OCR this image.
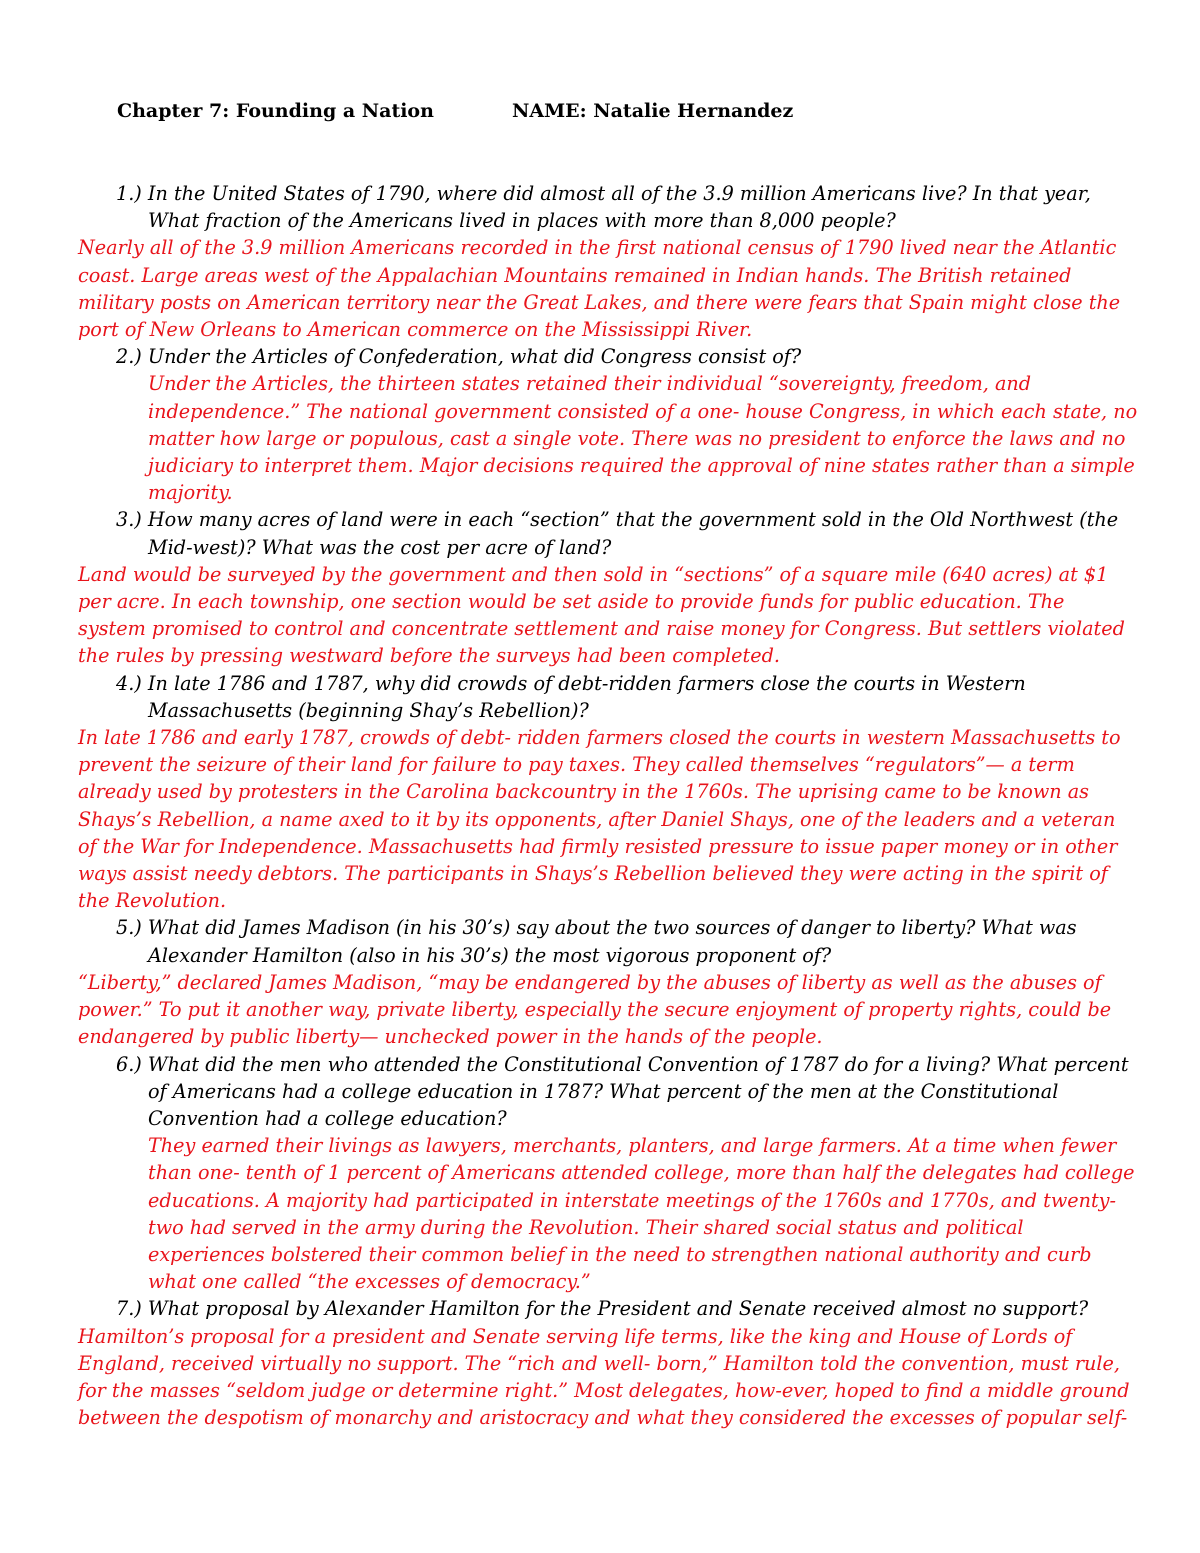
Chapter 7: Founding a Nation	NAME: Natalie Hernandez

1.) In the United States of 1790, where did almost all of the 3.9 million Americans live? In that year, What fraction of the Americans lived in places with more than 8,000 people?

Nearly all of the 3.9 million Americans recorded in the first national census of 1790 lived near the Atlantic coast. Large areas west of the Appalachian Mountains remained in Indian hands. The British retained military posts on American territory near the Great Lakes, and there were fears that Spain might close the port of New Orleans to American commerce on the Mississippi River.

2.) Under the Articles of Confederation, what did Congress consist of?

Under the Articles, the thirteen states retained their individual “sovereignty, freedom, and independence.” The national government consisted of a one- house Congress, in which each state, no matter how large or populous, cast a single vote. There was no president to enforce the laws and no judiciary to interpret them. Major decisions required the approval of nine states rather than a simple majority.

3.) How many acres of land were in each “section” that the government sold in the Old Northwest (the Mid-west)? What was the cost per acre of land?

Land would be surveyed by the government and then sold in “sections” of a square mile (640 acres) at $1 per acre. In each township, one section would be set aside to provide funds for public education. The system promised to control and concentrate settlement and raise money for Congress. But settlers violated the rules by pressing westward before the surveys had been completed.

4.) In late 1786 and 1787, why did crowds of debt-ridden farmers close the courts in Western Massachusetts (beginning Shay’s Rebellion)?

In late 1786 and early 1787, crowds of debt- ridden farmers closed the courts in western Massachusetts to prevent the seizure of their land for failure to pay taxes. They called themselves “regulators”— a term already used by protesters in the Carolina backcountry in the 1760s. The uprising came to be known as Shays’s Rebellion, a name axed to it by its opponents, after Daniel Shays, one of the leaders and a veteran of the War for Independence. Massachusetts had firmly resisted pressure to issue paper money or in other ways assist needy debtors. The participants in Shays’s Rebellion believed they were acting in the spirit of the Revolution.

5.) What did James Madison (in his 30’s) say about the two sources of danger to liberty? What was Alexander Hamilton (also in his 30’s) the most vigorous proponent of?

“Liberty,” declared James Madison, “may be endangered by the abuses of liberty as well as the abuses of power.” To put it another way, private liberty, especially the secure enjoyment of property rights, could be endangered by public liberty— unchecked power in the hands of the people.

6.) What did the men who attended the Constitutional Convention of 1787 do for a living? What percent of Americans had a college education in 1787? What percent of the men at the Constitutional Convention had a college education?

They earned their livings as lawyers, merchants, planters, and large farmers. At a time when fewer than one- tenth of 1 percent of Americans attended college, more than half the delegates had college educations. A majority had participated in interstate meetings of the 1760s and 1770s, and twenty-two had served in the army during the Revolution. Their shared social status and political experiences bolstered their common belief in the need to strengthen national authority and curb what one called “the excesses of democracy.”

7.) What proposal by Alexander Hamilton for the President and Senate received almost no support?

Hamilton’s proposal for a president and Senate serving life terms, like the king and House of Lords of England, received virtually no support. The “rich and well- born,” Hamilton told the convention, must rule, for the masses “seldom judge or determine right.” Most delegates, how-ever, hoped to find a middle ground between the despotism of monarchy and aristocracy and what they considered the excesses of popular self-
